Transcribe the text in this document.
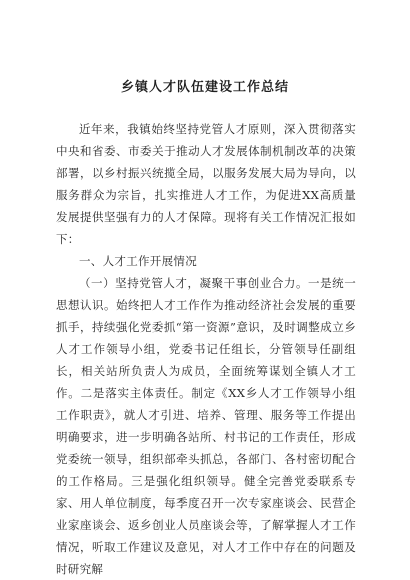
乡镇人才队伍建设工作总结

近年来，我镇始终坚持党管人才原则，深入贯彻落实中央和省委、市委关于推动人才发展体制机制改革的决策部署，以乡村振兴统揽全局，以服务发展大局为导向，以服务群众为宗旨，扎实推进人才工作，为促进XX高质量发展提供坚强有力的人才保障。现将有关工作情况汇报如下：

一、人才工作开展情况

（一）坚持党管人才，凝聚干事创业合力。一是统一思想认识。始终把人才工作作为推动经济社会发展的重要抓手，持续强化党委抓“第一资源”意识，及时调整成立乡人才工作领导小组，党委书记任组长，分管领导任副组长，相关站所负责人为成员，全面统筹谋划全镇人才工作。二是落实主体责任。制定《XX乡人才工作领导小组工作职责》，就人才引进、培养、管理、服务等工作提出明确要求，进一步明确各站所、村书记的工作责任，形成党委统一领导，组织部牵头抓总，各部门、各村密切配合的工作格局。三是强化组织领导。健全完善党委联系专家、用人单位制度，每季度召开一次专家座谈会、民营企业家座谈会、返乡创业人员座谈会等，了解掌握人才工作情况，听取工作建议及意见，对人才工作中存在的问题及时研究解
